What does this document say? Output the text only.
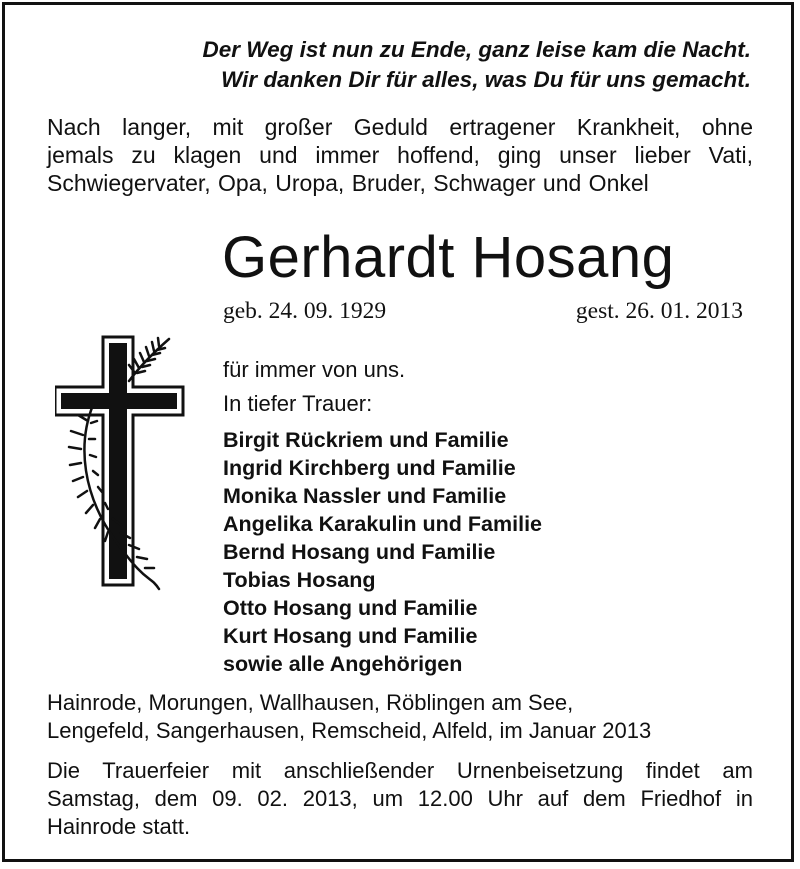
Der Weg ist nun zu Ende, ganz leise kam die Nacht.
Wir danken Dir für alles, was Du für uns gemacht.
Nach langer, mit großer Geduld ertragener Krankheit, ohne
jemals zu klagen und immer hoffend, ging unser lieber Vati,
Schwiegervater, Opa, Uropa, Bruder, Schwager und Onkel
Gerhardt Hosang
geb. 24. 09. 1929	gest. 26. 01. 2013
für immer von uns.
In tiefer Trauer:
Birgit Rückriem und Familie
Ingrid Kirchberg und Familie
Monika Nassler und Familie
Angelika Karakulin und Familie
Bernd Hosang und Familie
Tobias Hosang
Otto Hosang und Familie
Kurt Hosang und Familie
sowie alle Angehörigen
Hainrode, Morungen, Wallhausen, Röblingen am See,
Lengefeld, Sangerhausen, Remscheid, Alfeld, im Januar 2013
Die Trauerfeier mit anschließender Urnenbeisetzung findet am
Samstag, dem 09. 02. 2013, um 12.00 Uhr auf dem Friedhof in
Hainrode statt.
